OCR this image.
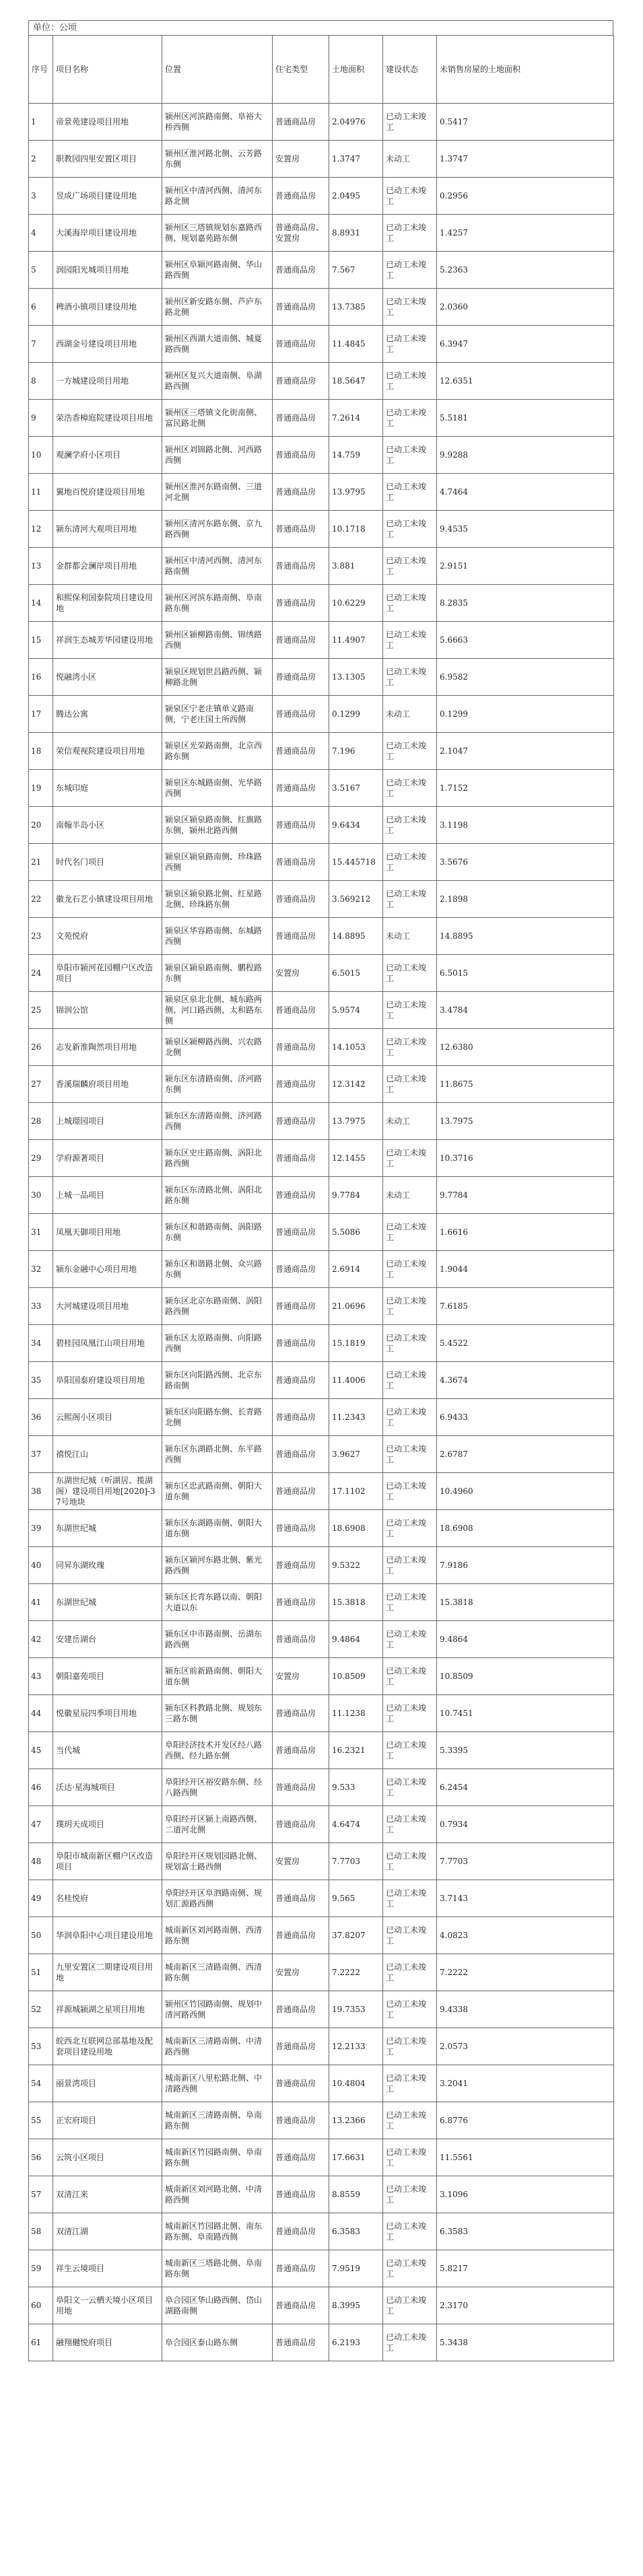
单位：公顷
序号	项目名称	位置	住宅类型	土地面积	建设状态	未销售房屋的土地面积
1	帝景苑建设项目用地	颍州区河滨路南侧、阜裕大桥西侧	普通商品房	2.04976	已动工未竣工	0.5417
2	职教园四里安置区项目	颍州区淮河路北侧、云芳路东侧	安置房	1.3747	未动工	1.3747
3	昱成广场项目建设用地	颍州区中清河西侧、清河东路北侧	普通商品房	2.0495	已动工未竣工	0.2956
4	大溪海岸项目建设用地	颍州区三塔镇规划东嘉路西侧、规划嘉苑路东侧	普通商品房、安置房	8.8931	已动工未竣工	1.4257
5	润园阳光城项目用地	颍州区阜颍河路南侧、华山路西侧	普通商品房	7.567	已动工未竣工	5.2363
6	稗酒小镇项目建设用地	颍州区新安路东侧、芦庐东路北侧	普通商品房	13.7385	已动工未竣工	2.0360
7	西湖金号建设项目用地	颍州区西湖大道南侧、城夏路西侧	普通商品房	11.4845	已动工未竣工	6.3947
8	一方城建设项目用地	颍州区复兴大道南侧、阜湖路西侧	普通商品房	18.5647	已动工未竣工	12.6351
9	荣浩香樟庭院建设项目用地	颍州区三塔镇文化街南侧、富民路北侧	普通商品房	7.2614	已动工未竣工	5.5181
10	观澜学府小区项目	颍州区刘锦路北侧、河西路西侧	普通商品房	14.759	已动工未竣工	9.9288
11	翼地百悦府建设项目用地	颍州区淮河东路南侧、三道河北侧	普通商品房	13.9795	已动工未竣工	4.7464
12	颍东清河大观项目用地	颍州区清河东路东侧、京九路西侧	普通商品房	10.1718	已动工未竣工	9.4535
13	金群都会澜岸项目用地	颍州区中清河西侧、清河东路南侧	普通商品房	3.881	已动工未竣工	2.9151
14	和熙保利国泰院项目建设用地	颍州区河滨东路南侧、阜南路东侧	普通商品房	10.6229	已动工未竣工	8.2835
15	祥润生态城芳华园建设用地	颍州区颍柳路南侧、锦绣路西侧	普通商品房	11.4907	已动工未竣工	5.6663
16	悦融湾小区	颍泉区规划世昌路西侧、颍柳路北侧	普通商品房	13.1305	已动工未竣工	6.9582
17	腾达公寓	颍泉区宁老庄镇单义路南侧，宁老庄国土所西侧	普通商品房	0.1299	未动工	0.1299
18	荣信观视院建设项目用地	颍泉区光荣路南侧，北京西路东侧	普通商品房	7.196	已动工未竣工	2.1047
19	东城印庭	颍泉区东城路南侧、光华路西侧	普通商品房	3.5167	已动工未竣工	1.7152
20	南翰半岛小区	颍泉区颍泉路南侧、红旗路东侧，颍州北路西侧	普通商品房	9.6434	已动工未竣工	3.1198
21	时代名门项目	颍泉区颍泉路南侧、珍珠路西侧	普通商品房	15.445718	已动工未竣工	3.5676
22	徽龙石艺小镇建设项目用地	颍泉区颍泉路北侧、红星路北侧、珍珠路东侧	普通商品房	3.569212	已动工未竣工	2.1898
23	文苑悦府	颍泉区华容路南侧、东城路西侧	普通商品房	14.8895	未动工	14.8895
24	阜阳市颍河花园棚户区改造项目	颍泉区颍泉路南侧、鹏程路东侧	安置房	6.5015	已动工未竣工	6.5015
25	锦润公馆	颍泉区泉北北侧、城东路两侧、河口路西侧、太和路东侧	普通商品房	5.9574	已动工未竣工	3.4784
26	志发新淮陶然项目用地	颍泉区颍柳路西侧、兴农路北侧	普通商品房	14.1053	已动工未竣工	12.6380
27	香溪瑞麟府项目用地	颍东区东清路南侧、济河路东侧	普通商品房	12.3142	已动工未竣工	11.8675
28	上城璟园项目	颍东区东清路南侧、济河路西侧	普通商品房	13.7975	未动工	13.7975
29	学府源著项目	颍东区史庄路南侧、涡阳北路西侧	普通商品房	12.1455	已动工未竣工	10.3716
30	上城一品项目	颍东区东清路北侧、涡阳北路东侧	普通商品房	9.7784	未动工	9.7784
31	凤凰天御项目用地	颍东区和谐路南侧、涡阳路东侧	普通商品房	5.5086	已动工未竣工	1.6616
32	颍东金融中心项目用地	颍东区和谐路北侧、众兴路东侧	普通商品房	2.6914	已动工未竣工	1.9044
33	大河城建设项目用地	颍东区北京东路南侧、涡阳路西侧	普通商品房	21.0696	已动工未竣工	7.6185
34	碧桂园凤凰江山项目用地	颍东区太原路南侧、向阳路西侧	普通商品房	15.1819	已动工未竣工	5.4522
35	阜阳国泰府建设项目用地	颍东区向阳路西侧、北京东路南侧	普通商品房	11.4006	已动工未竣工	4.3674
36	云熙阁小区项目	颍东区向阳路东侧、长青路北侧	普通商品房	11.2343	已动工未竣工	6.9433
37	禧悦江山	颍东区东湖路北侧、东平路西侧	普通商品房	3.9627	已动工未竣工	2.6787
38	东湖世纪城（听湖居、揽湖阁）建设项目用地[2020]-37号地块	颍东区忠武路南侧、朝阳大道东侧	普通商品房	17.1102	已动工未竣工	10.4960
39	东湖世纪城	颍东区东湖路南侧、朝阳大道东侧	普通商品房	18.6908	已动工未竣工	18.6908
40	同昇东湖玫瑰	颍东区颍河东路北侧、紫光路西侧	普通商品房	9.5322	已动工未竣工	7.9186
41	东湖世纪城	颍东区长青东路以南、朝阳大道以东	普通商品房	15.3818	已动工未竣工	15.3818
42	安建岳湖台	颍东区中市路南侧、岳湖东路西侧	普通商品房	9.4864	已动工未竣工	9.4864
43	朝阳嘉苑项目	颍东区前新路南侧、朝阳大道东侧	安置房	10.8509	已动工未竣工	10.8509
44	悦徽星辰四季项目用地	颍东区科教路北侧、规划东三路东侧	普通商品房	11.1238	已动工未竣工	10.7451
45	当代城	阜阳经济技术开发区经八路西侧、经九路东侧	普通商品房	16.2321	已动工未竣工	5.3395
46	沃达·星海城项目	阜阳经开区裕安路东侧、经八路西侧	普通商品房	9.533	已动工未竣工	6.2454
47	璞玥天成项目	阜阳经开区颍上南路西侧、二道河北侧	普通商品房	4.6474	已动工未竣工	0.7934
48	阜阳市城南新区棚户区改造项目	阜阳经开区规划园路北侧、规划富士路西侧	安置房	7.7703	已动工未竣工	7.7703
49	名桂悦府	阜阳经开区阜泗路南侧、规划汇源路西侧	普通商品房	9.565	已动工未竣工	3.7143
50	华润阜阳中心项目建设用地	城南新区刘河路南侧、西清路东侧	普通商品房	37.8207	已动工未竣工	4.0823
51	九里安置区二期建设项目用地	城南新区三清路南侧、西清路东侧	安置房	7.2222	已动工未竣工	7.2222
52	祥源城颍湖之星项目用地	颍州区竹园路南侧、规划中清河路西侧	普通商品房	19.7353	已动工未竣工	9.4338
53	皖西北互联网总部基地及配套项目建设用地	城南新区三清路南侧、中清路西侧	普通商品房	12.2133	已动工未竣工	2.0573
54	丽景湾项目	城南新区八里松路北侧、中清路西侧	普通商品房	10.4804	已动工未竣工	3.2041
55	正宏府项目	城南新区三清路南侧、阜南路东侧	普通商品房	13.2366	已动工未竣工	6.8776
56	云筑小区项目	城南新区竹园路南侧、阜南路东侧	普通商品房	17.6631	已动工未竣工	11.5561
57	双清江来	城南新区刘河路北侧、中清路西侧	普通商品房	8.8559	已动工未竣工	3.1096
58	双清江湖	城南新区竹园路北侧、南东路东侧、阜南路西侧	普通商品房	6.3583	已动工未竣工	6.3583
59	祥生云境项目	城南新区三塔路北侧、阜南路东侧	普通商品房	7.9519	已动工未竣工	5.8217
60	阜阳文一云栖天境小区项目用地	阜合园区华山路西侧、岱山湖路南侧	普通商品房	8.3995	已动工未竣工	2.3170
61	融翔樾悦府项目	阜合园区泰山路东侧	普通商品房	6.2193	已动工未竣工	5.3438
